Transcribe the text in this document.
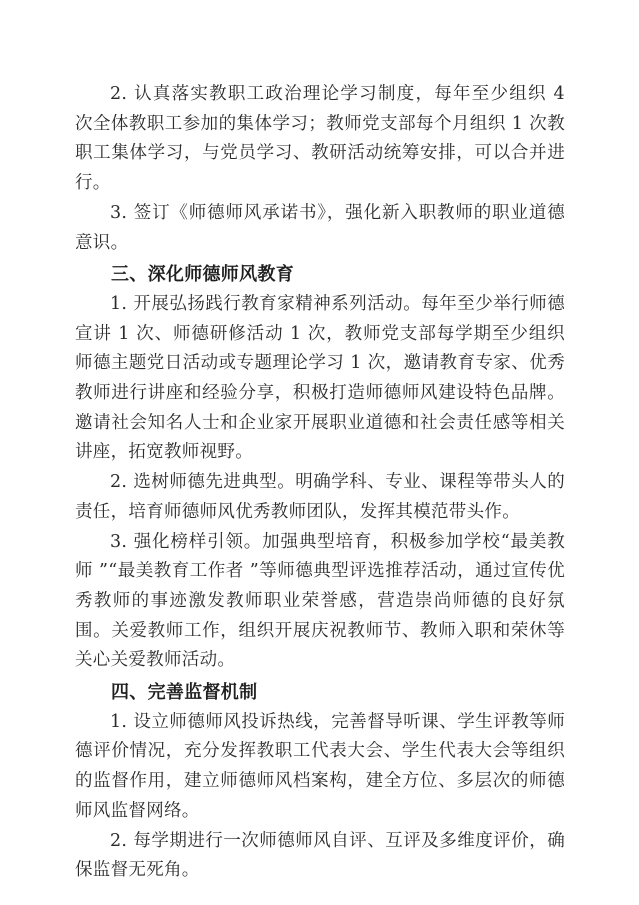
2. 认真落实教职工政治理论学习制度，每年至少组织 4 次全体教职工参加的集体学习；教师党支部每个月组织 1 次教职工集体学习，与党员学习、教研活动统筹安排，可以合并进行。

3. 签订《师德师风承诺书》，强化新入职教师的职业道德意识。

三、深化师德师风教育

1. 开展弘扬践行教育家精神系列活动。每年至少举行师德宣讲 1 次、师德研修活动 1 次，教师党支部每学期至少组织师德主题党日活动或专题理论学习 1 次，邀请教育专家、优秀教师进行讲座和经验分享，积极打造师德师风建设特色品牌。邀请社会知名人士和企业家开展职业道德和社会责任感等相关讲座，拓宽教师视野。

2. 选树师德先进典型。明确学科、专业、课程等带头人的责任，培育师德师风优秀教师团队，发挥其模范带头作。

3. 强化榜样引领。加强典型培育，积极参加学校“最美教师 ”“最美教育工作者 ”等师德典型评选推荐活动，通过宣传优秀教师的事迹激发教师职业荣誉感，营造崇尚师德的良好氛围。关爱教师工作，组织开展庆祝教师节、教师入职和荣休等关心关爱教师活动。

四、完善监督机制

1. 设立师德师风投诉热线，完善督导听课、学生评教等师德评价情况，充分发挥教职工代表大会、学生代表大会等组织的监督作用，建立师德师风档案构，建全方位、多层次的师德师风监督网络。

2. 每学期进行一次师德师风自评、互评及多维度评价，确保监督无死角。
